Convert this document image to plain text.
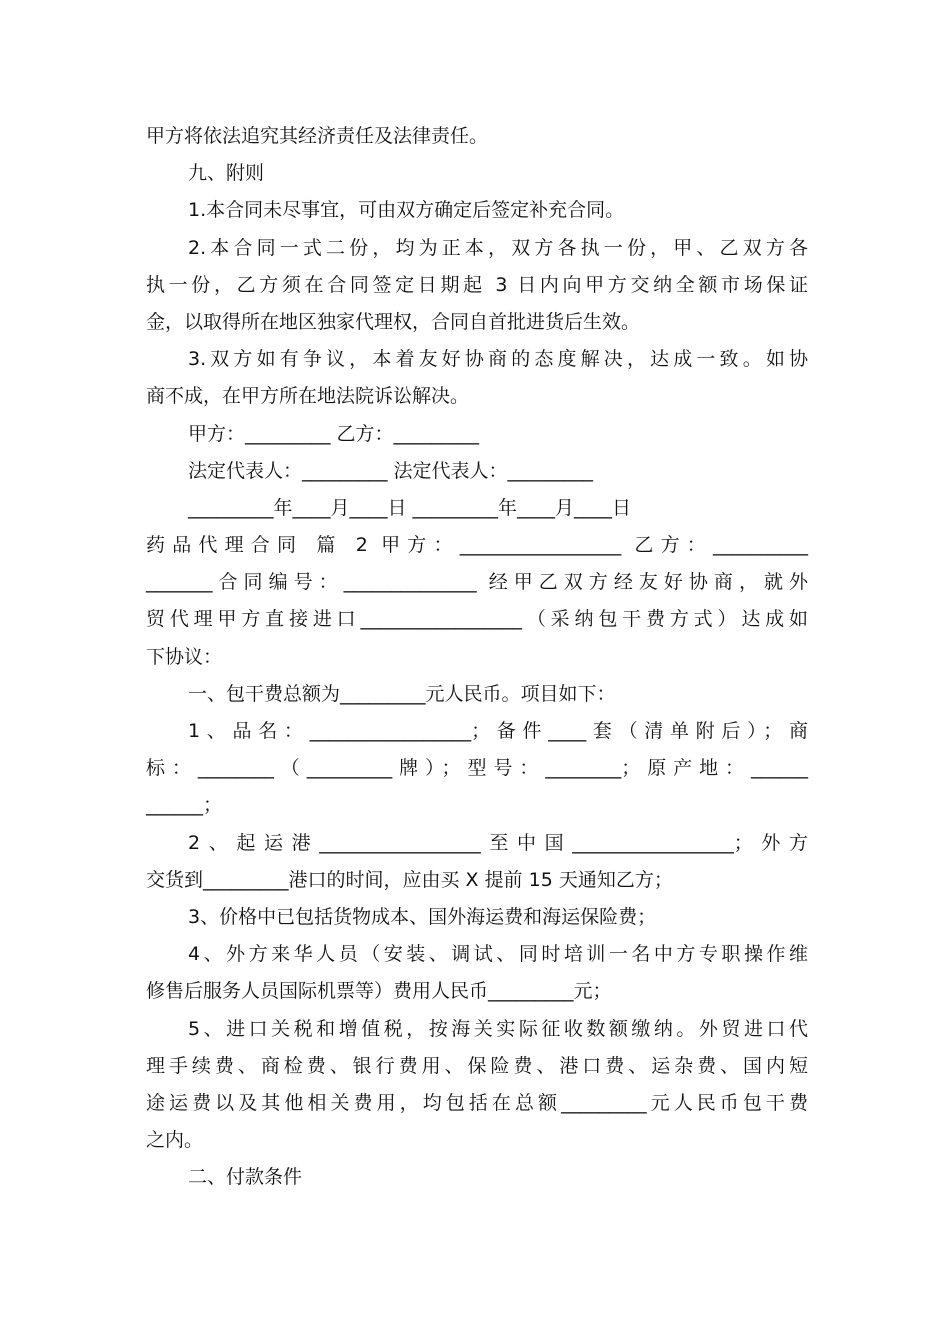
甲方将依法追究其经济责任及法律责任。
九、附则
1.本合同未尽事宜，可由双方确定后签定补充合同。
2.本合同一式二份，均为正本，双方各执一份，甲、乙双方各
执一份，乙方须在合同签定日期起 3 日内向甲方交纳全额市场保证
金，以取得所在地区独家代理权，合同自首批进货后生效。
3.双方如有争议，本着友好协商的态度解决，达成一致。如协
商不成，在甲方所在地法院诉讼解决。
甲方：_________ 乙方：_________
法定代表人：_________ 法定代表人：_________
_________年____月____日 _________年____月____日
药品代理合同 篇 2 甲方：_________________ 乙方：__________
_______合同编号：______________ 经甲乙双方经友好协商，就外
贸代理甲方直接进口_________________（采纳包干费方式）达成如
下协议：
一、包干费总额为_________元人民币。项目如下：
1、品名：_________________；备件____套（清单附后）；商
标：________（_________牌）；型号：________；原产地：______
______；
2、起运港_________________至中国_________________；外方
交货到_________港口的时间，应由买 X 提前 15 天通知乙方；
3、价格中已包括货物成本、国外海运费和海运保险费；
4、外方来华人员（安装、调试、同时培训一名中方专职操作维
修售后服务人员国际机票等）费用人民币_________元；
5、进口关税和增值税，按海关实际征收数额缴纳。外贸进口代
理手续费、商检费、银行费用、保险费、港口费、运杂费、国内短
途运费以及其他相关费用，均包括在总额_________元人民币包干费
之内。
二、付款条件
